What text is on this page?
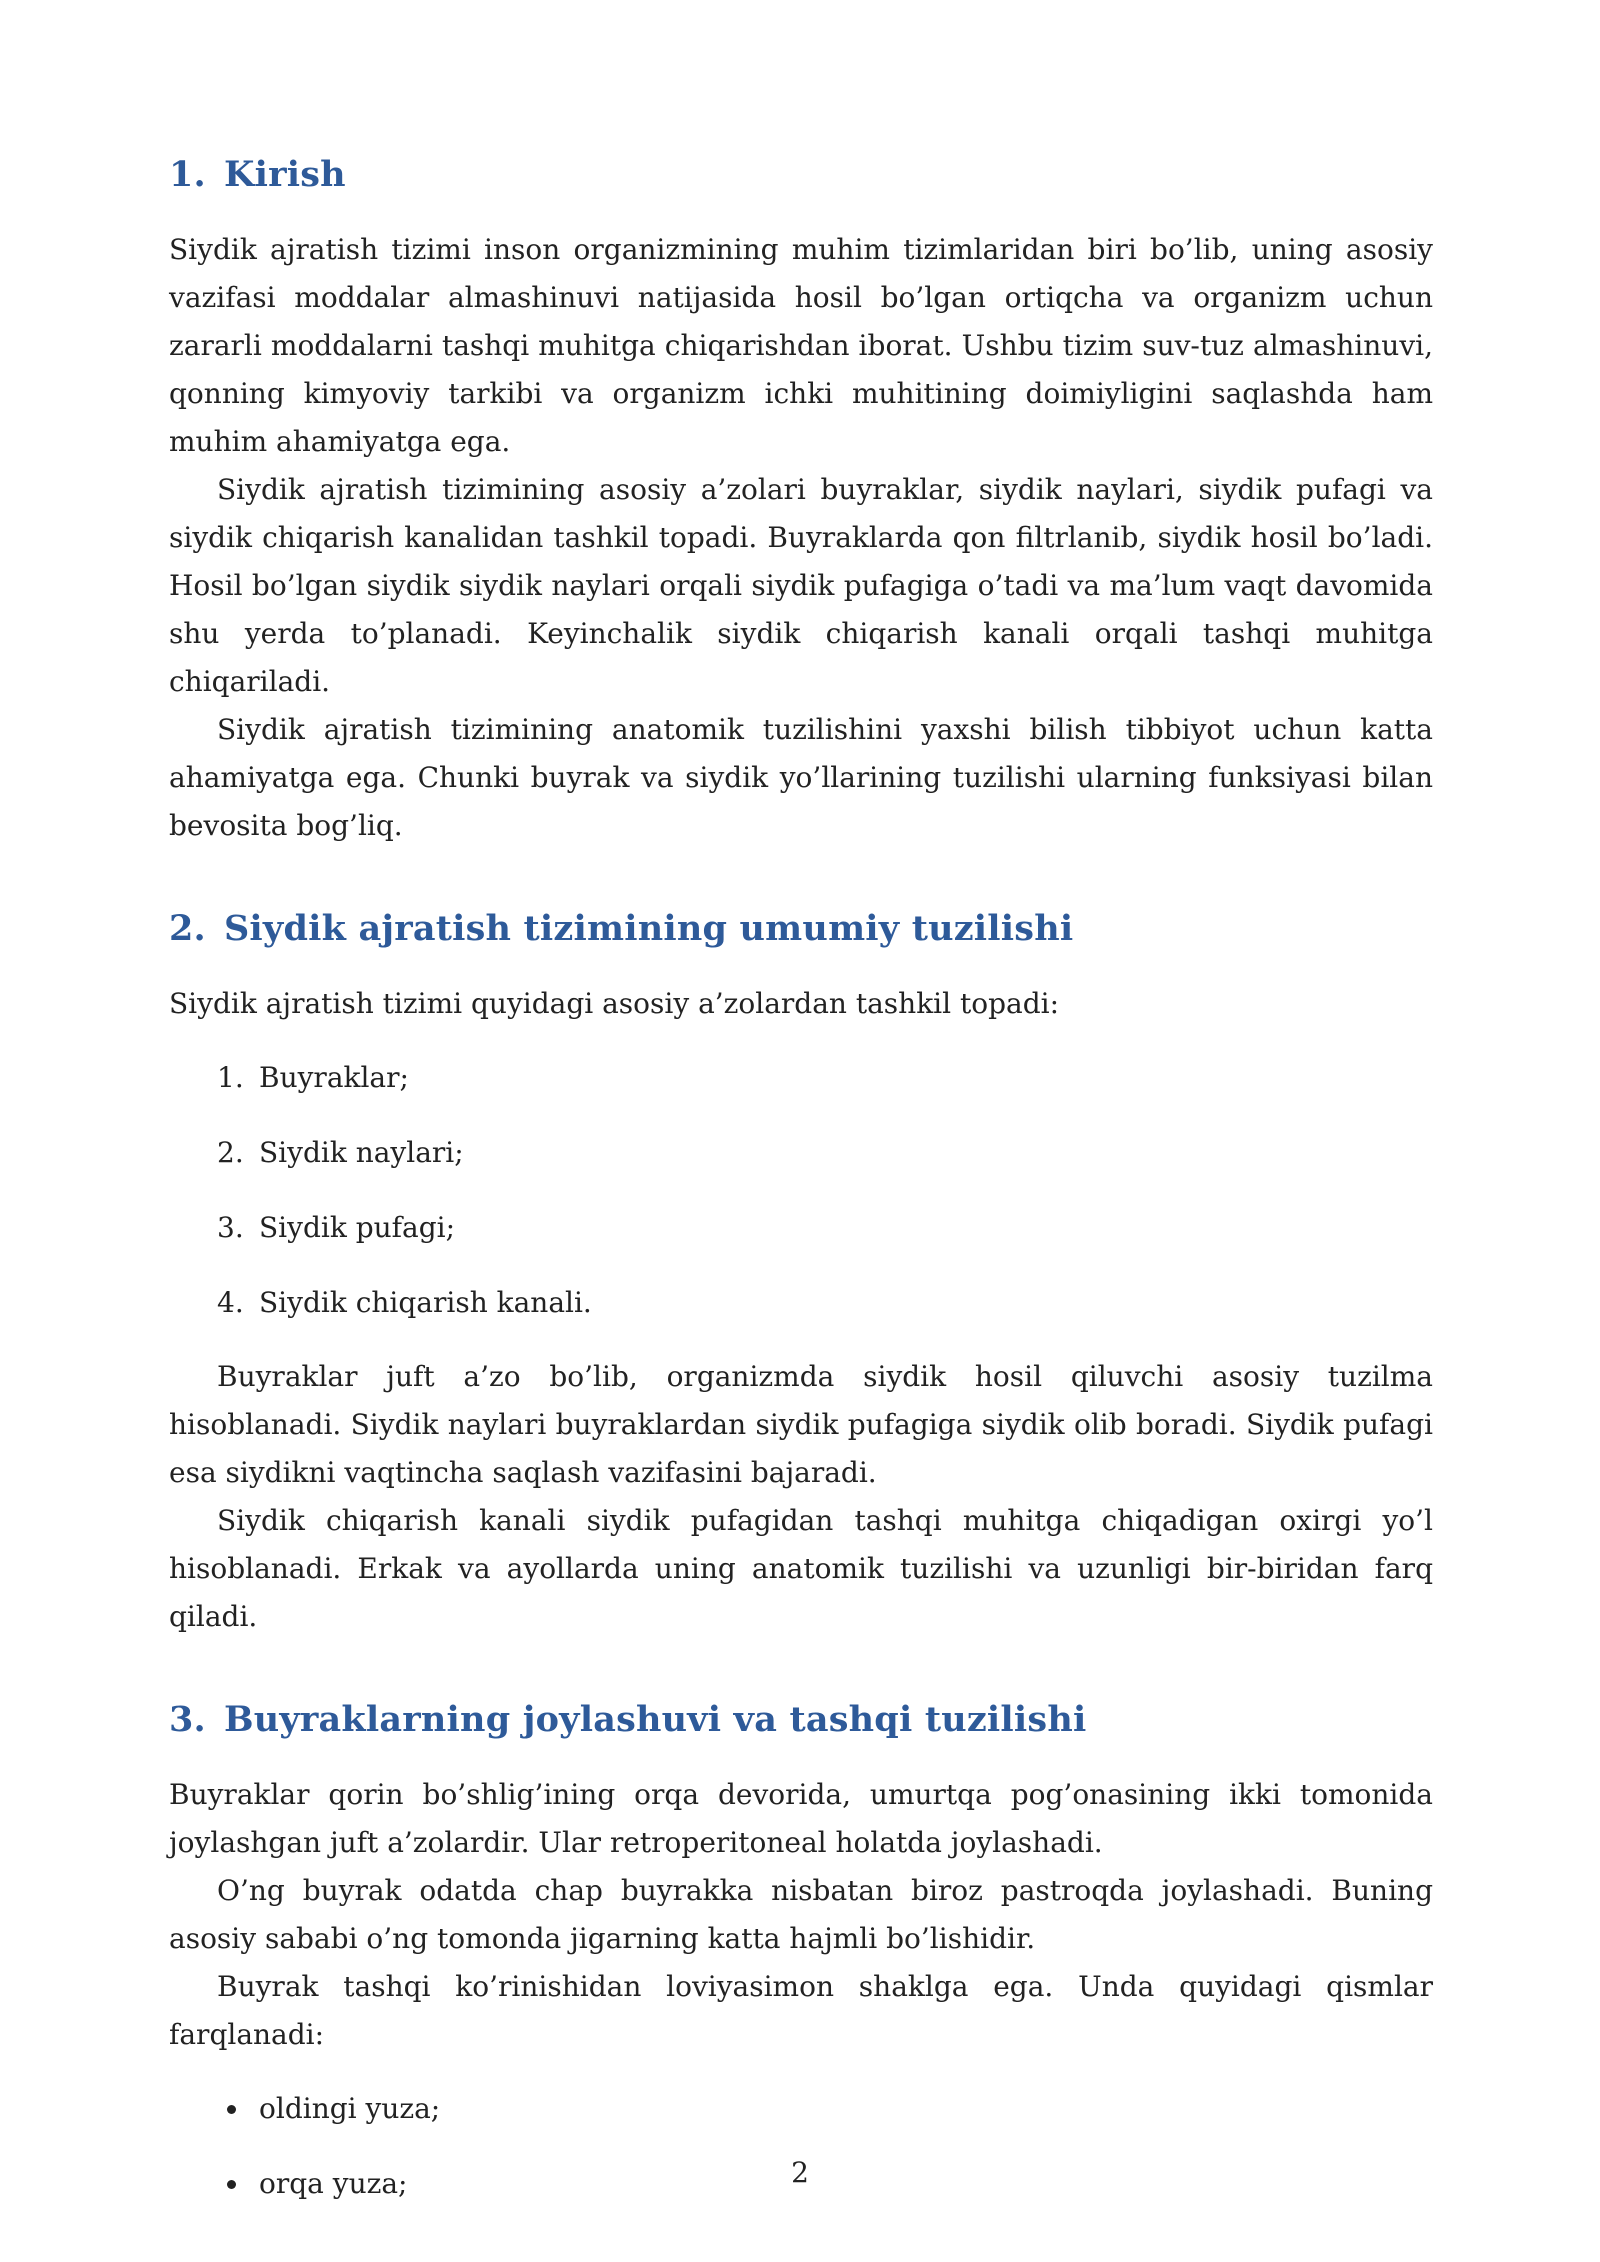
1. Kirish

Siydik ajratish tizimi inson organizmining muhim tizimlaridan biri bo’lib, uning asosiy vazifasi moddalar almashinuvi natijasida hosil bo’lgan ortiqcha va organizm uchun zararli moddalarni tashqi muhitga chiqarishdan iborat. Ushbu tizim suv-tuz almashinuvi, qonning kimyoviy tarkibi va organizm ichki muhitining doimiyligini saqlashda ham muhim ahamiyatga ega.

Siydik ajratish tizimining asosiy a’zolari buyraklar, siydik naylari, siydik pufagi va siydik chiqarish kanalidan tashkil topadi. Buyraklarda qon filtrlanib, siydik hosil bo’ladi. Hosil bo’lgan siydik siydik naylari orqali siydik pufagiga o’tadi va ma’lum vaqt davomida shu yerda to’planadi. Keyinchalik siydik chiqarish kanali orqali tashqi muhitga chiqariladi.

Siydik ajratish tizimining anatomik tuzilishini yaxshi bilish tibbiyot uchun katta ahamiyatga ega. Chunki buyrak va siydik yo’llarining tuzilishi ularning funksiyasi bilan bevosita bog’liq.

2. Siydik ajratish tizimining umumiy tuzilishi

Siydik ajratish tizimi quyidagi asosiy a’zolardan tashkil topadi:

1. Buyraklar;
2. Siydik naylari;
3. Siydik pufagi;
4. Siydik chiqarish kanali.

Buyraklar juft a’zo bo’lib, organizmda siydik hosil qiluvchi asosiy tuzilma hisoblanadi. Siydik naylari buyraklardan siydik pufagiga siydik olib boradi. Siydik pufagi esa siydikni vaqtincha saqlash vazifasini bajaradi.

Siydik chiqarish kanali siydik pufagidan tashqi muhitga chiqadigan oxirgi yo’l hisoblanadi. Erkak va ayollarda uning anatomik tuzilishi va uzunligi bir-biridan farq qiladi.

3. Buyraklarning joylashuvi va tashqi tuzilishi

Buyraklar qorin bo’shlig’ining orqa devorida, umurtqa pog’onasining ikki tomonida joylashgan juft a’zolardir. Ular retroperitoneal holatda joylashadi.

O’ng buyrak odatda chap buyrakka nisbatan biroz pastroqda joylashadi. Buning asosiy sababi o’ng tomonda jigarning katta hajmli bo’lishidir.

Buyrak tashqi ko’rinishidan loviyasimon shaklga ega. Unda quyidagi qismlar farqlanadi:

oldingi yuza;
orqa yuza;	2
